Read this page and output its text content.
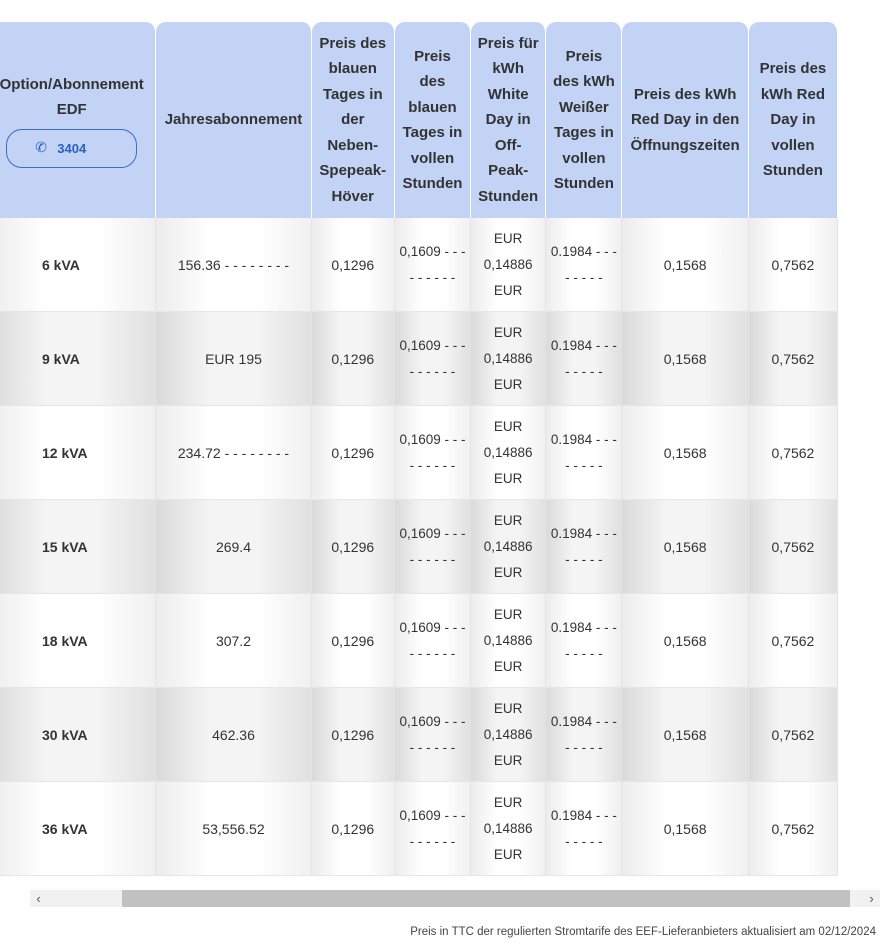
Option/Abonnement EDF
✆ 3404	Jahresabonnement	Preis des blauen Tages in der Neben-Spepeak-Höver	Preis des blauen Tages in vollen Stunden	Preis für kWh White Day in Off-Peak-Stunden	Preis des kWh Weißer Tages in vollen Stunden	Preis des kWh Red Day in den Öffnungszeiten	Preis des kWh Red Day in vollen Stunden
6 kVA	156.36 - - - - - - - -	0,1296	0,1609 - - - - - - - - -	EUR 0,14886 EUR	0.1984 - - - - - - - -	0,1568	0,7562
9 kVA	EUR 195	0,1296	0,1609 - - - - - - - - -	EUR 0,14886 EUR	0.1984 - - - - - - - -	0,1568	0,7562
12 kVA	234.72 - - - - - - - -	0,1296	0,1609 - - - - - - - - -	EUR 0,14886 EUR	0.1984 - - - - - - - -	0,1568	0,7562
15 kVA	269.4	0,1296	0,1609 - - - - - - - - -	EUR 0,14886 EUR	0.1984 - - - - - - - -	0,1568	0,7562
18 kVA	307.2	0,1296	0,1609 - - - - - - - - -	EUR 0,14886 EUR	0.1984 - - - - - - - -	0,1568	0,7562
30 kVA	462.36	0,1296	0,1609 - - - - - - - - -	EUR 0,14886 EUR	0.1984 - - - - - - - -	0,1568	0,7562
36 kVA	53,556.52	0,1296	0,1609 - - - - - - - - -	EUR 0,14886 EUR	0.1984 - - - - - - - -	0,1568	0,7562
‹	›
Preis in TTC der regulierten Stromtarife des EEF-Lieferanbieters aktualisiert am 02/12/2024
